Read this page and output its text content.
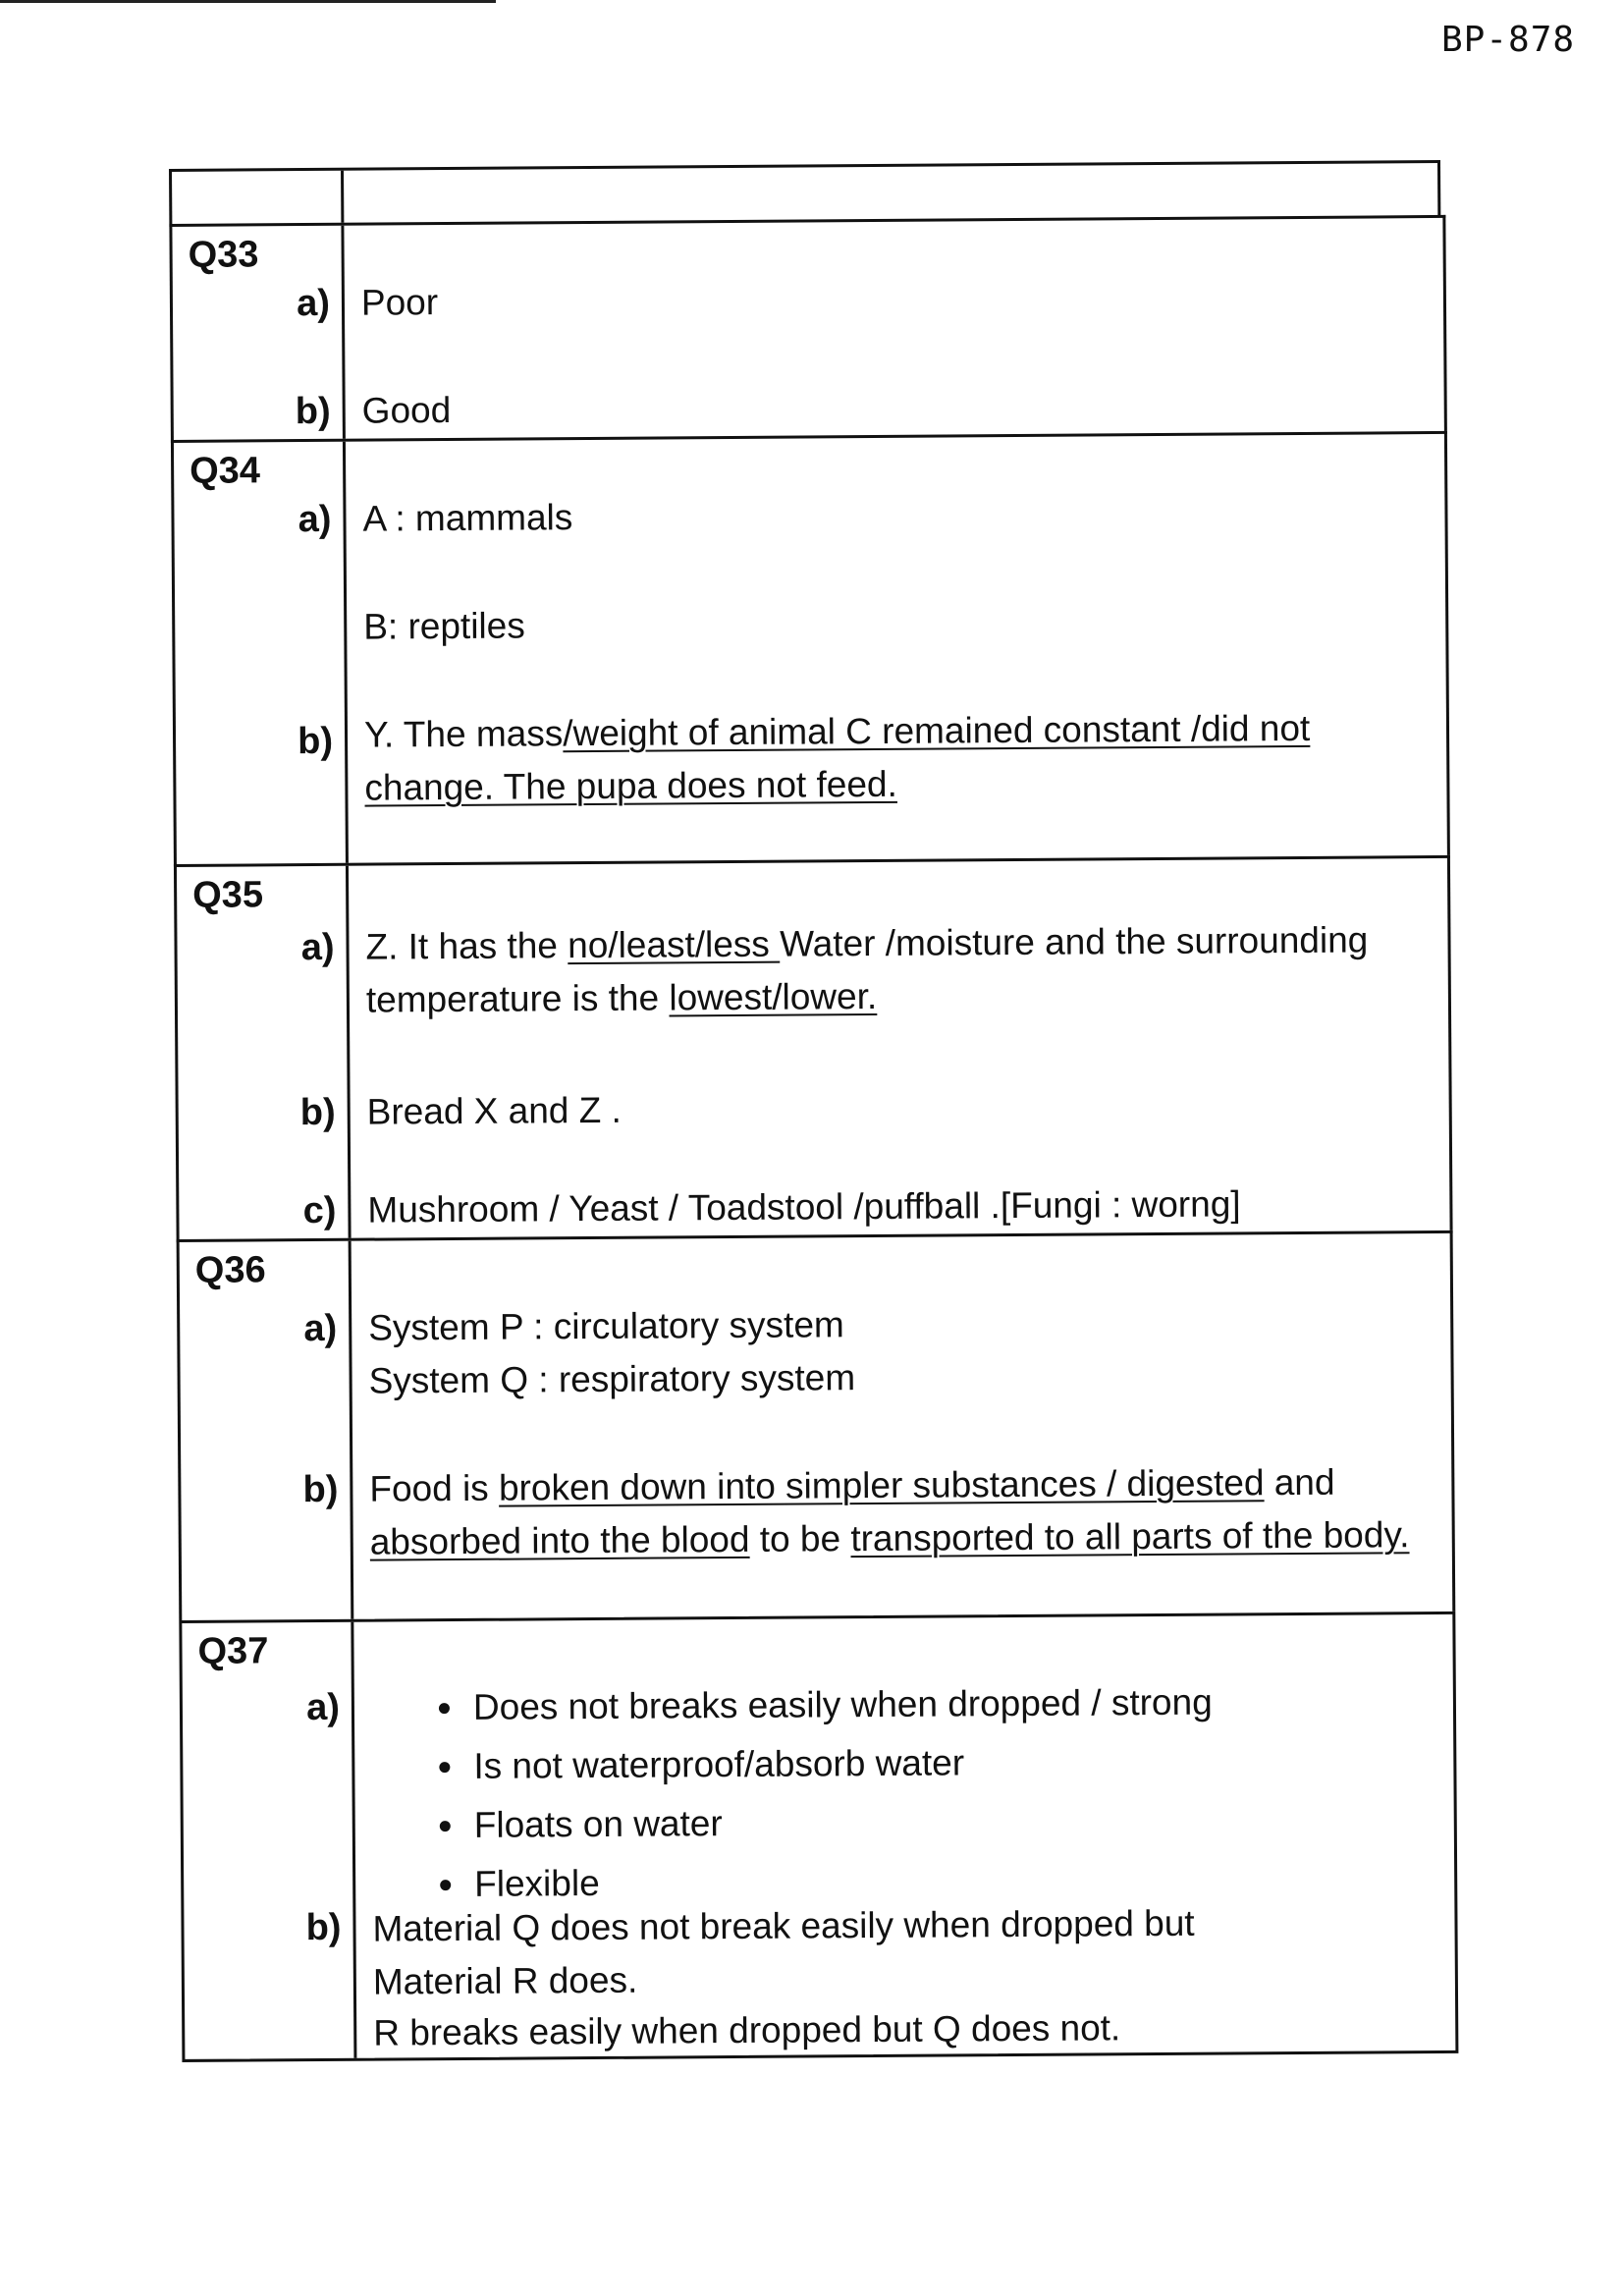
BP-878
Q33
a) Poor
b) Good
Q34
a) A : mammals
B: reptiles
b) Y. The mass/weight of animal C remained constant /did not change. The pupa does not feed.
Q35
a) Z. It has the no/least/less Water /moisture and the surrounding temperature is the lowest/lower.
b) Bread X and Z .
c) Mushroom / Yeast / Toadstool /puffball .[Fungi : worng]
Q36
a) System P : circulatory system
System Q : respiratory system
b) Food is broken down into simpler substances / digested and absorbed into the blood to be transported to all parts of the body.
Q37
a)
•	Does not breaks easily when dropped / strong
• Is not waterproof/absorb water
• Floats on water
• Flexible
b) Material Q does not break easily when dropped but
Material R does.
R breaks easily when dropped but Q does not.
